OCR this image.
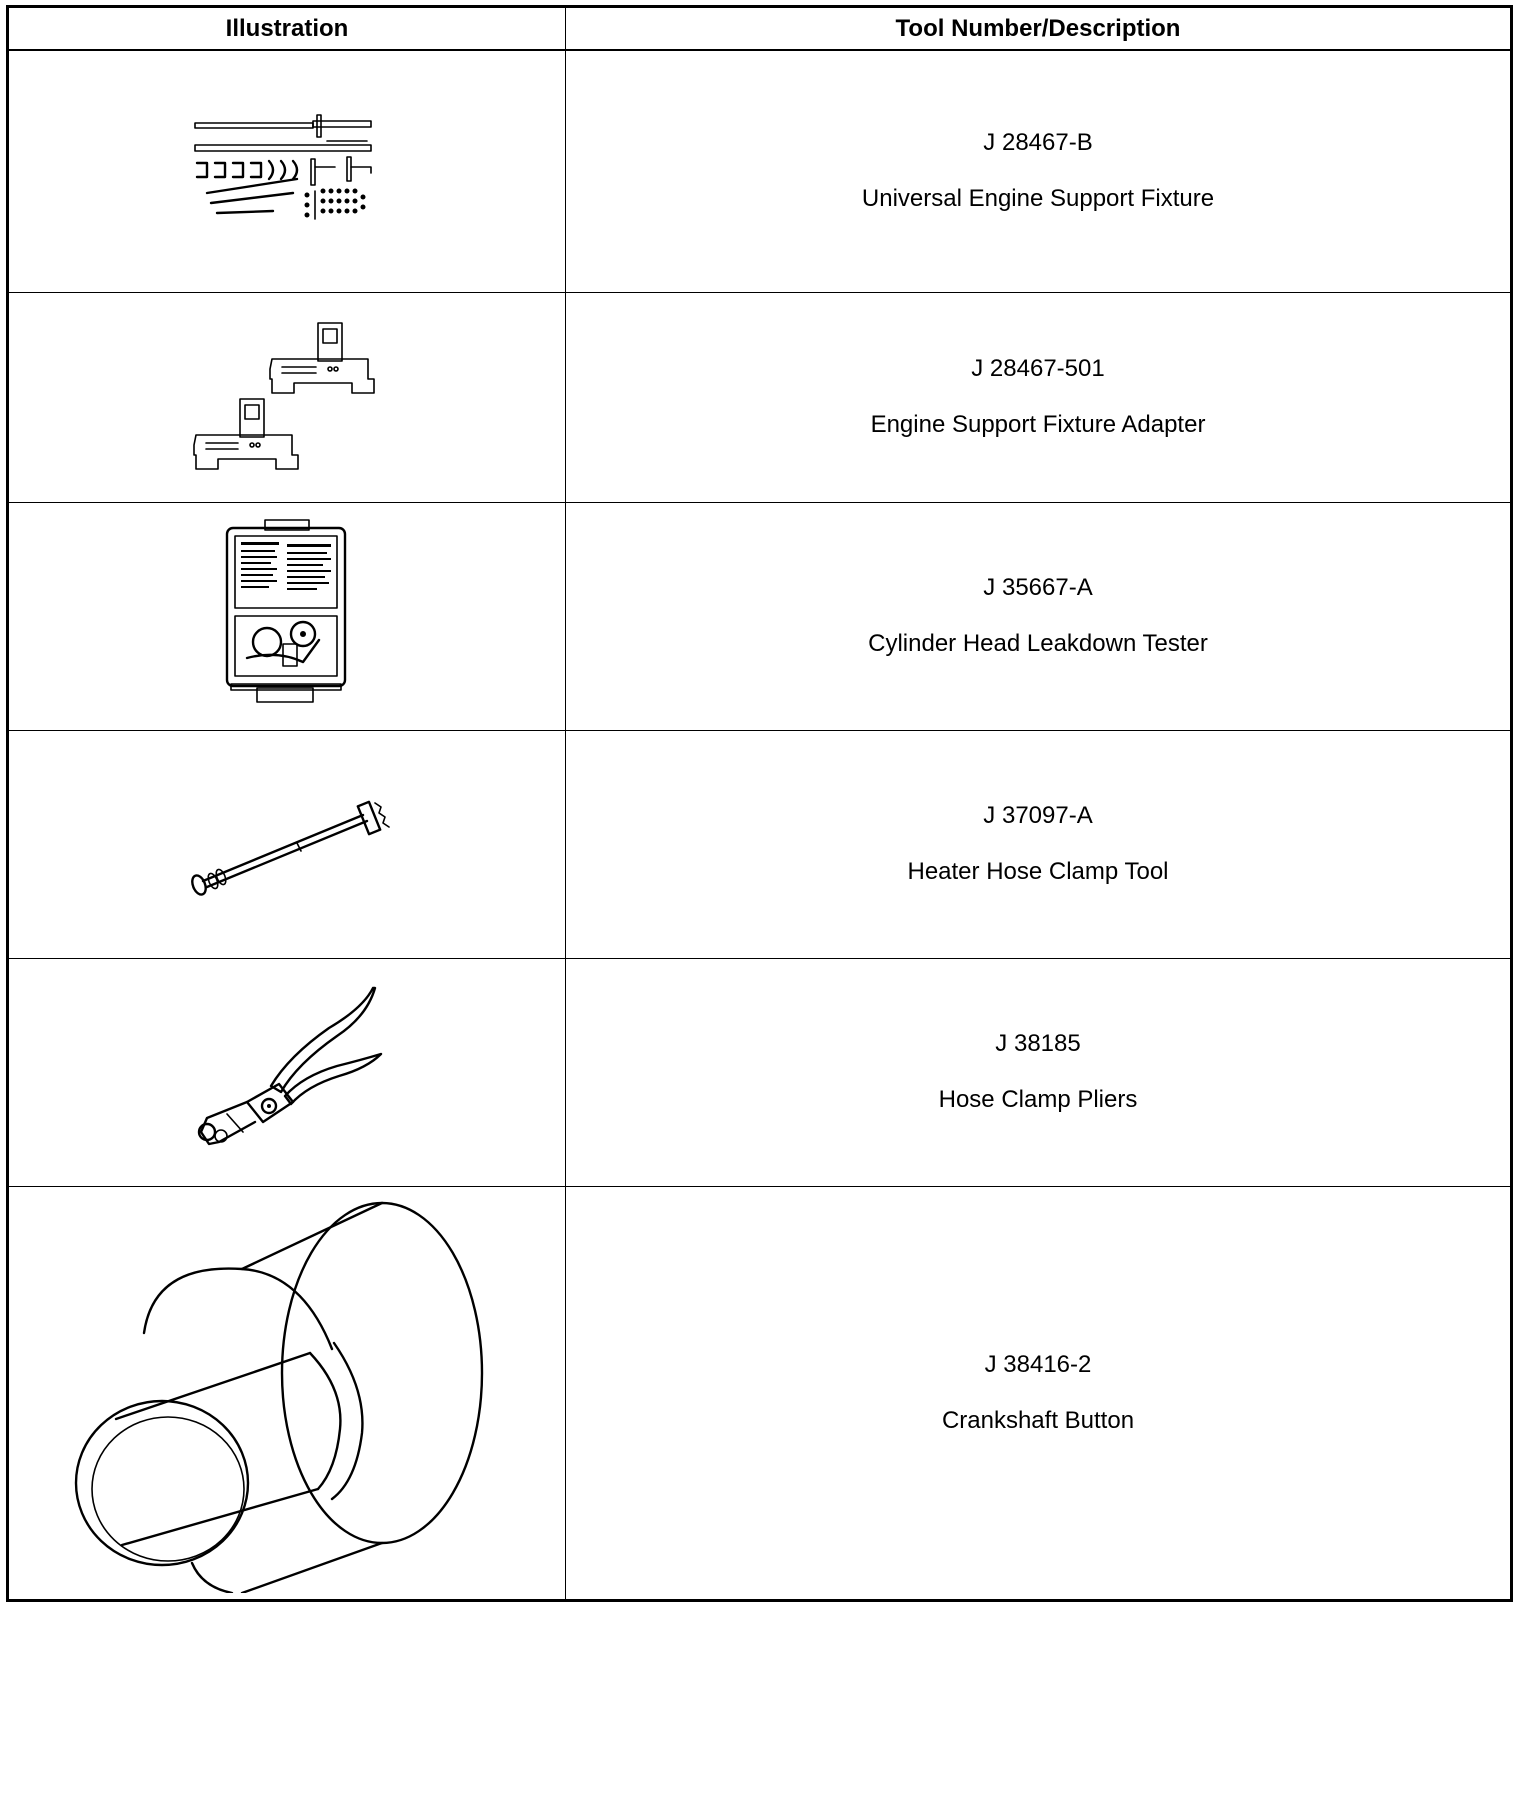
Illustration	Tool Number/Description

J 28467-B
Universal Engine Support Fixture

J 28467-501
Engine Support Fixture Adapter

J 35667-A
Cylinder Head Leakdown Tester

J 37097-A
Heater Hose Clamp Tool

J 38185
Hose Clamp Pliers

J 38416-2
Crankshaft Button
